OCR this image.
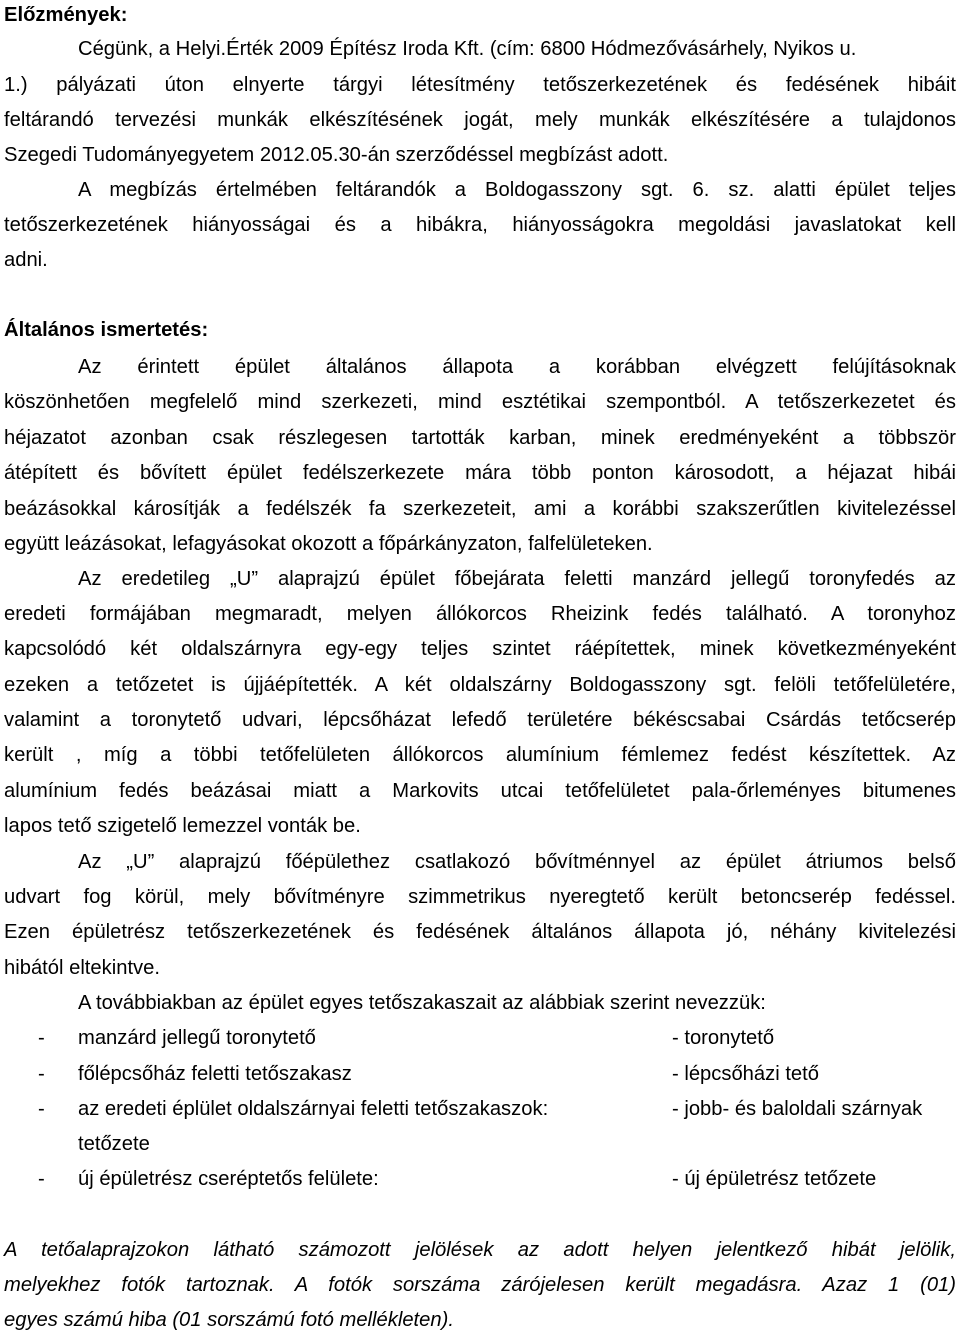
Előzmények:
Cégünk, a Helyi.Érték 2009 Építész Iroda Kft. (cím: 6800 Hódmezővásárhely, Nyikos u.
1.) pályázati úton elnyerte tárgyi létesítmény tetőszerkezetének és fedésének hibáit
feltárandó tervezési munkák elkészítésének jogát, mely munkák elkészítésére a tulajdonos
Szegedi Tudományegyetem 2012.05.30-án szerződéssel megbízást adott.
A megbízás értelmében feltárandók a Boldogasszony sgt. 6. sz. alatti épület teljes
tetőszerkezetének hiányosságai és a hibákra, hiányosságokra megoldási javaslatokat kell
adni.
Általános ismertetés:
Az érintett épület általános állapota a korábban elvégzett felújításoknak
köszönhetően megfelelő mind szerkezeti, mind esztétikai szempontból. A tetőszerkezetet és
héjazatot azonban csak részlegesen tartották karban, minek eredményeként a többször
átépített és bővített épület fedélszerkezete mára több ponton károsodott, a héjazat hibái
beázásokkal károsítják a fedélszék fa szerkezeteit, ami a korábbi szakszerűtlen kivitelezéssel
együtt leázásokat, lefagyásokat okozott a főpárkányzaton, falfelületeken.
Az eredetileg „U” alaprajzú épület főbejárata feletti manzárd jellegű toronyfedés az
eredeti formájában megmaradt, melyen állókorcos Rheizink fedés található. A toronyhoz
kapcsolódó két oldalszárnyra egy-egy teljes szintet ráépítettek, minek következményeként
ezeken a tetőzetet is újjáépítették. A két oldalszárny Boldogasszony sgt. felöli tetőfelületére,
valamint a toronytető udvari, lépcsőházat lefedő területére békéscsabai Csárdás tetőcserép
került , míg a többi tetőfelületen állókorcos alumínium fémlemez fedést készítettek. Az
alumínium fedés beázásai miatt a Markovits utcai tetőfelületet pala-őrleményes bitumenes
lapos tető szigetelő lemezzel vonták be.
Az „U” alaprajzú főépülethez csatlakozó bővítménnyel az épület átriumos belső
udvart fog körül, mely bővítményre szimmetrikus nyeregtető került betoncserép fedéssel.
Ezen épületrész tetőszerkezetének és fedésének általános állapota jó, néhány kivitelezési
hibától eltekintve.
A továbbiakban az épület egyes tetőszakaszait az alábbiak szerint nevezzük:
- manzárd jellegű toronytető	- toronytető
- főlépcsőház feletti tetőszakasz	- lépcsőházi tető
- az eredeti éplület oldalszárnyai feletti tetőszakaszok:	- jobb- és baloldali szárnyak
tetőzete
- új épületrész cseréptetős felülete:	- új épületrész tetőzete
A tetőalaprajzokon látható számozott jelölések az adott helyen jelentkező hibát jelölik,
melyekhez fotók tartoznak. A fotók sorszáma zárójelesen került megadásra. Azaz 1 (01)
egyes számú hiba (01 sorszámú fotó mellékleten).
